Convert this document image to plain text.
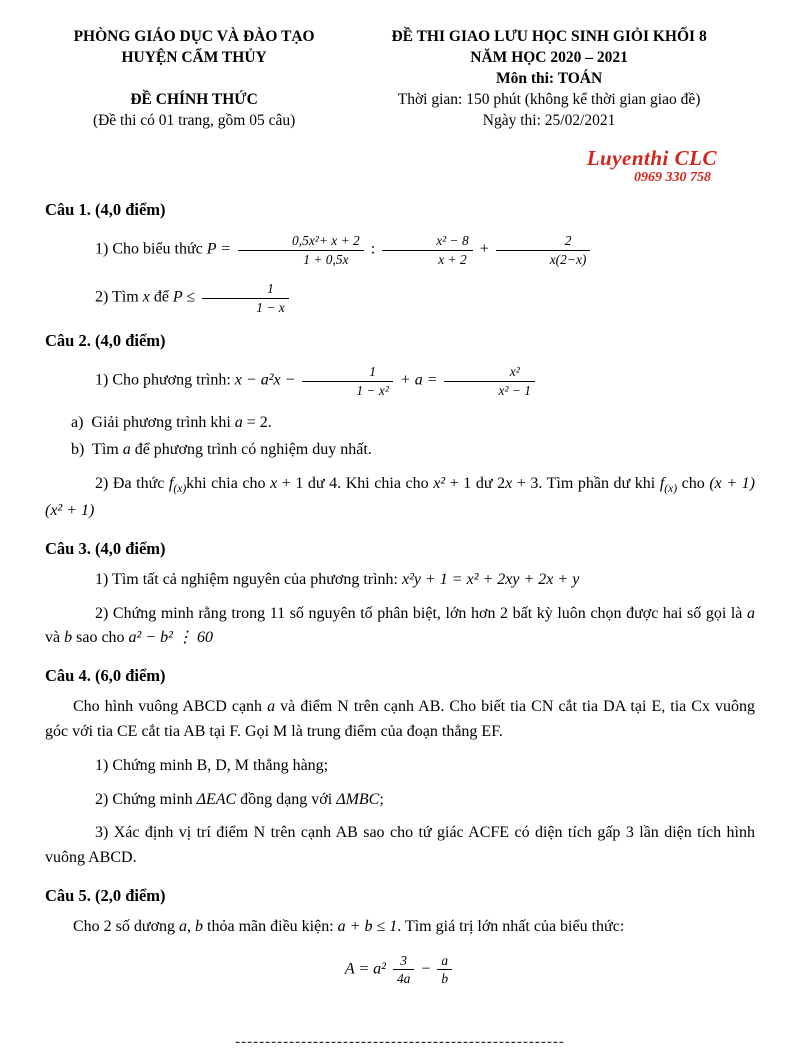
PHÒNG GIÁO DỤC VÀ ĐÀO TẠO
HUYỆN CẨM THỦY
ĐỀ CHÍNH THỨC
(Đề thi có 01 trang, gồm 05 câu)
ĐỀ THI GIAO LƯU HỌC SINH GIỎI KHỐI 8
NĂM HỌC 2020 – 2021
Môn thi: TOÁN
Thời gian: 150 phút (không kể thời gian giao đề)
Ngày thi: 25/02/2021
Luyenthi CLC
0969 330 758
Câu 1. (4,0 điểm)

1) Cho biểu thức $P = \frac{\text{0,5x²+ x + 2}}{1 + 0,5x}$ : $\frac{\text{x² − 8}}{x + 2} + \frac{2}{x(2-x)}$

2) Tìm x để $P \le \frac{1}{1 - x}$

Câu 2. (4,0 điểm)

1) Cho phương trình: $x - a^2x - \frac{1}{\text{1 − x²}} + a = \frac{\text{x²}}{\text{x² − 1}}$

a)  Giải phương trình khi a = 2.

b)  Tìm a để phương trình có nghiệm duy nhất.

2) Đa thức $f_{(x)}khi$ chia cho x + 1 dư 4. Khi chia cho x² + 1 dư 2x + 3. Tìm phần dư khi $f_{(x)}$ cho (x + 1)(x² + 1)

Câu 3. (4,0 điểm)

1) Tìm tất cả nghiệm nguyên của phương trình: x²y + 1 = x² + 2xy + 2x + y

2) Chứng minh rằng trong 11 số nguyên tố phân biệt, lớn hơn 2 bất kỳ luôn chọn được hai số gọi là a và b sao cho a² − b² ⋮ 60

Câu 4. (6,0 điểm)

Cho hình vuông ABCD cạnh a và điểm N trên cạnh AB. Cho biết tia CN cắt tia DA tại E, tia Cx vuông góc với tia CE cắt tia AB tại F. Gọi M là trung điểm của đoạn thẳng EF.

1) Chứng minh B, D, M thẳng hàng;

2) Chứng minh ΔEAC đồng dạng với ΔMBC;

3) Xác định vị trí điểm N trên cạnh AB sao cho tứ giác ACFE có diện tích gấp 3 lần diện tích hình vuông ABCD.

Câu 5. (2,0 điểm)

Cho 2 số dương a, b thỏa mãn điều kiện: a + b ≤ 1. Tìm giá trị lớn nhất của biểu thức:

$A = a^2 \frac{3}{4a} - \frac{a}{b}$

-------------------------------------------------------
